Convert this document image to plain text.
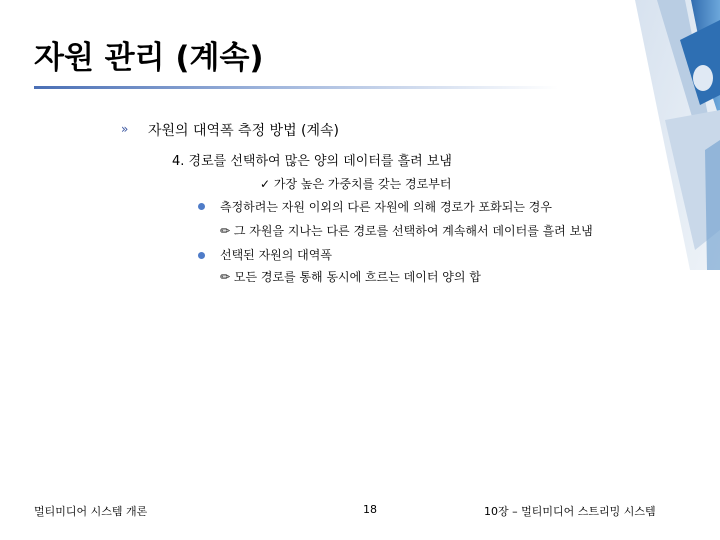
자원 관리 (계속)
» 자원의 대역폭 측정 방법 (계속)
4. 경로를 선택하여 많은 양의 데이터를 흘려 보냄
✓ 가장 높은 가중치를 갖는 경로부터
측정하려는 자원 이외의 다른 자원에 의해 경로가 포화되는 경우
✏ 그 자원을 지나는 다른 경로를 선택하여 계속해서 데이터를 흘려 보냄
선택된 자원의 대역폭
✏ 모든 경로를 통해 동시에 흐르는 데이터 양의 합
멀티미디어 시스템 개론	18	10장 – 멀티미디어 스트리밍 시스템
